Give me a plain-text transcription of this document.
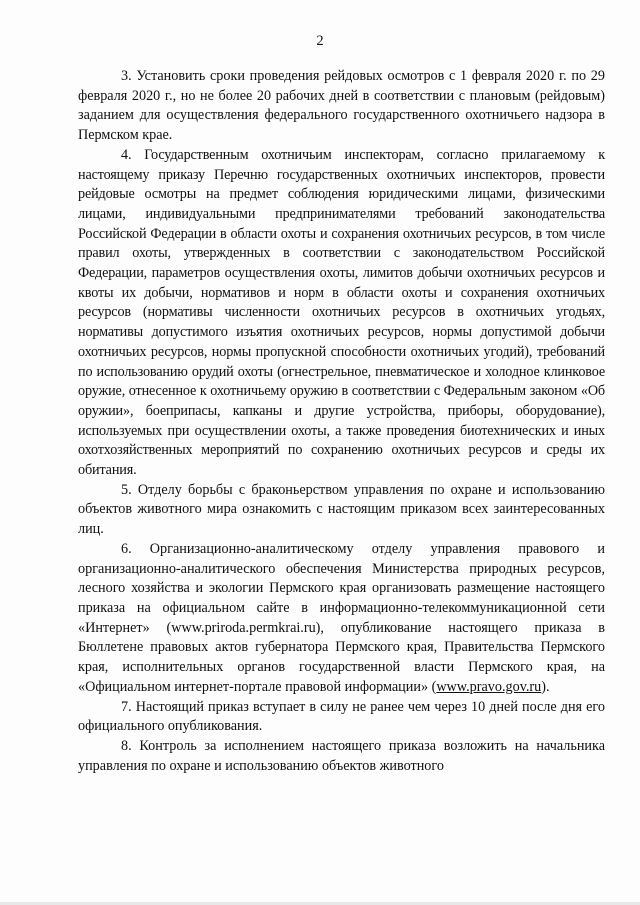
2

3. Установить сроки проведения рейдовых осмотров с 1 февраля 2020 г. по 29 февраля 2020 г., но не более 20 рабочих дней в соответствии с плановым (рейдовым) заданием для осуществления федерального государственного охотничьего надзора в Пермском крае.

4. Государственным охотничьим инспекторам, согласно прилагаемому к настоящему приказу Перечню государственных охотничьих инспекторов, провести рейдовые осмотры на предмет соблюдения юридическими лицами, физическими лицами, индивидуальными предпринимателями требований законодательства Российской Федерации в области охоты и сохранения охотничьих ресурсов, в том числе правил охоты, утвержденных в соответствии с законодательством Российской Федерации, параметров осуществления охоты, лимитов добычи охотничьих ресурсов и квоты их добычи, нормативов и норм в области охоты и сохранения охотничьих ресурсов (нормативы численности охотничьих ресурсов в охотничьих угодьях, нормативы допустимого изъятия охотничьих ресурсов, нормы допустимой добычи охотничьих ресурсов, нормы пропускной способности охотничьих угодий), требований по использованию орудий охоты (огнестрельное, пневматическое и холодное клинковое оружие, отнесенное к охотничьему оружию в соответствии с Федеральным законом «Об оружии», боеприпасы, капканы и другие устройства, приборы, оборудование), используемых при осуществлении охоты, а также проведения биотехнических и иных охотхозяйственных мероприятий по сохранению охотничьих ресурсов и среды их обитания.

5. Отделу борьбы с браконьерством управления по охране и использованию объектов животного мира ознакомить с настоящим приказом всех заинтересованных лиц.

6. Организационно-аналитическому отделу управления правового и организационно-аналитического обеспечения Министерства природных ресурсов, лесного хозяйства и экологии Пермского края организовать размещение настоящего приказа на официальном сайте в информационно-телекоммуникационной сети «Интернет» (www.priroda.permkrai.ru), опубликование настоящего приказа в Бюллетене правовых актов губернатора Пермского края, Правительства Пермского края, исполнительных органов государственной власти Пермского края, на «Официальном интернет-портале правовой информации» (www.pravo.gov.ru).

7. Настоящий приказ вступает в силу не ранее чем через 10 дней после дня его официального опубликования.

8. Контроль за исполнением настоящего приказа возложить на начальника управления по охране и использованию объектов животного
